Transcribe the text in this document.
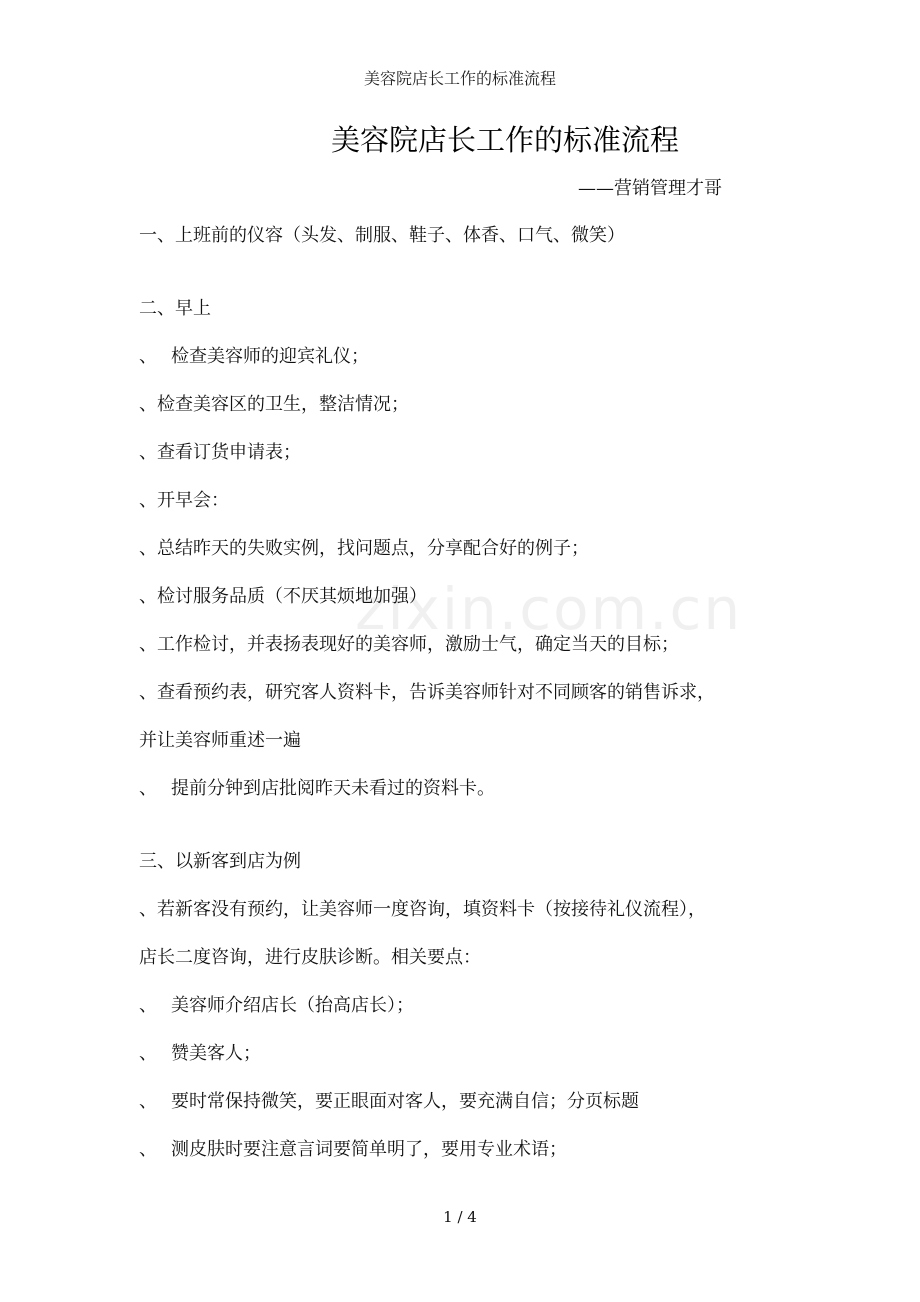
美容院店长工作的标准流程
美容院店长工作的标准流程
——营销管理才哥
zixin.com.cn
一、上班前的仪容（头发、制服、鞋子、体香、口气、微笑）
二、早上
、 检查美容师的迎宾礼仪；
、检查美容区的卫生，整洁情况；
、查看订货申请表；
、开早会：
、总结昨天的失败实例，找问题点，分享配合好的例子；
、检讨服务品质（不厌其烦地加强）
、工作检讨，并表扬表现好的美容师，激励士气，确定当天的目标；
、查看预约表，研究客人资料卡，告诉美容师针对不同顾客的销售诉求，
并让美容师重述一遍
、 提前分钟到店批阅昨天未看过的资料卡。
三、以新客到店为例
、若新客没有预约，让美容师一度咨询，填资料卡（按接待礼仪流程），
店长二度咨询，进行皮肤诊断。相关要点：
、 美容师介绍店长（抬高店长）；
、 赞美客人；
、 要时常保持微笑，要正眼面对客人，要充满自信；分页标题
、 测皮肤时要注意言词要简单明了，要用专业术语；
1 / 4
